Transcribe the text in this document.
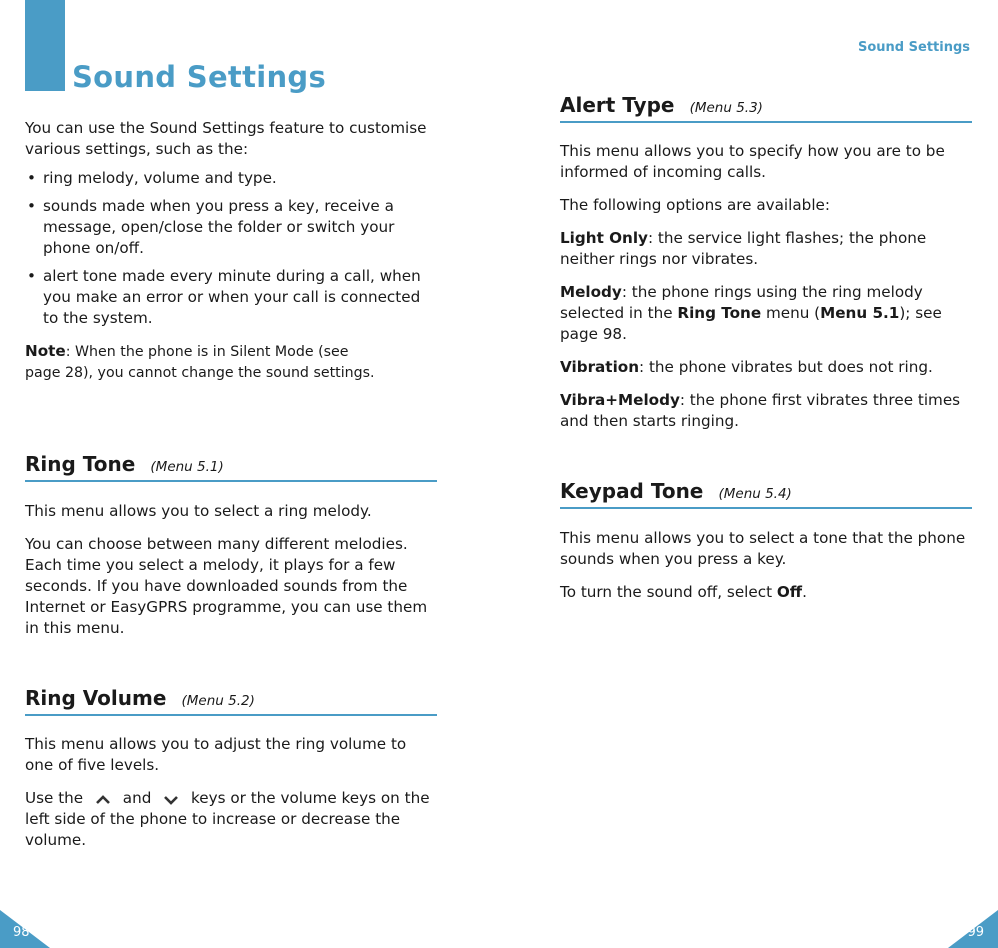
Sound Settings

You can use the Sound Settings feature to customise various settings, such as the:

• ring melody, volume and type.
• sounds made when you press a key, receive a message, open/close the folder or switch your phone on/off.
• alert tone made every minute during a call, when you make an error or when your call is connected to the system.
Note: When the phone is in Silent Mode (see page 28), you cannot change the sound settings.
Ring Tone (Menu 5.1)

This menu allows you to select a ring melody.

You can choose between many different melodies. Each time you select a melody, it plays for a few seconds. If you have downloaded sounds from the Internet or EasyGPRS programme, you can use them in this menu.

Ring Volume (Menu 5.2)

This menu allows you to adjust the ring volume to one of five levels.

Use the	and	keys or the volume keys on the left side of the phone to increase or decrease the volume.

98
Sound Settings
Alert Type (Menu 5.3)

This menu allows you to specify how you are to be informed of incoming calls.

The following options are available:

Light Only: the service light flashes; the phone neither rings nor vibrates.

Melody: the phone rings using the ring melody selected in the Ring Tone menu (Menu 5.1); see page 98.

Vibration: the phone vibrates but does not ring.

Vibra+Melody: the phone first vibrates three times and then starts ringing.

Keypad Tone (Menu 5.4)

This menu allows you to select a tone that the phone sounds when you press a key.

To turn the sound off, select Off.

99
